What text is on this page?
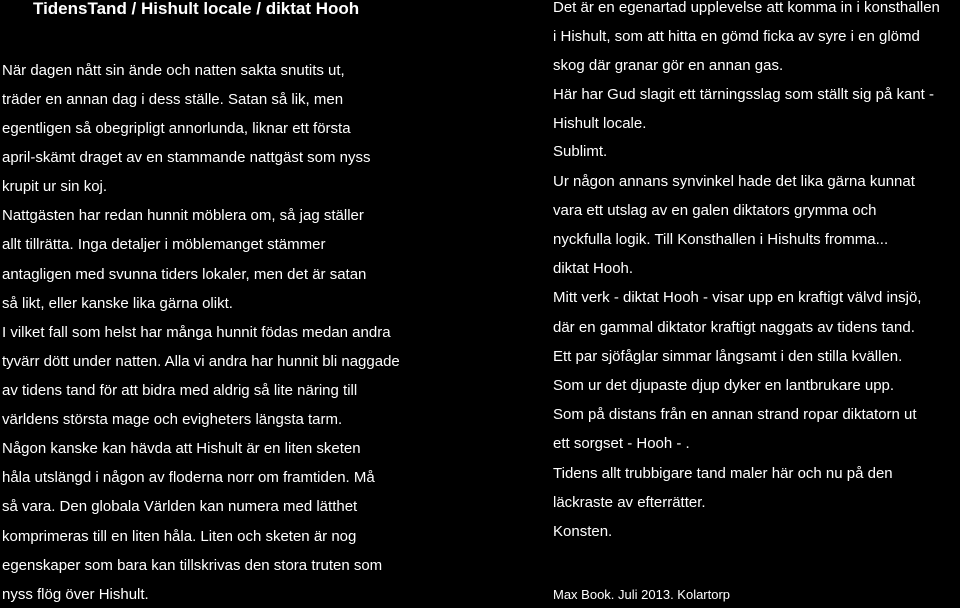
TidensTand / Hishult locale / diktat Hooh
När dagen nått sin ände och natten sakta snutits ut,
träder en annan dag i dess ställe. Satan så lik, men
egentligen så obegripligt annorlunda, liknar ett första
april-skämt draget av en stammande nattgäst som nyss
krupit ur sin koj.
Nattgästen har redan hunnit möblera om, så jag ställer
allt tillrätta. Inga detaljer i möblemanget stämmer
antagligen med svunna tiders lokaler, men det är satan
så likt, eller kanske lika gärna olikt.
I vilket fall som helst har många hunnit födas medan andra
tyvärr dött under natten. Alla vi andra har hunnit bli naggade
av tidens tand för att bidra med aldrig så lite näring till
världens största mage och evigheters längsta tarm.
Någon kanske kan hävda att Hishult är en liten sketen
håla utslängd i någon av floderna norr om framtiden. Må
så vara. Den globala Världen kan numera med lätthet
komprimeras till en liten håla. Liten och sketen är nog
egenskaper som bara kan tillskrivas den stora truten som
nyss flög över Hishult.
Det är en egenartad upplevelse att komma in i konsthallen
i Hishult, som att hitta en gömd ficka av syre i en glömd
skog där granar gör en annan gas.
Här har Gud slagit ett tärningsslag som ställt sig på kant -
Hishult locale.
Sublimt.
Ur någon annans synvinkel hade det lika gärna kunnat
vara ett utslag av en galen diktators grymma och
nyckfulla logik. Till Konsthallen i Hishults fromma...
diktat Hooh.
Mitt verk - diktat Hooh - visar upp en kraftigt välvd insjö,
där en gammal diktator kraftigt naggats av tidens tand.
Ett par sjöfåglar simmar långsamt i den stilla kvällen.
Som ur det djupaste djup dyker en lantbrukare upp.
Som på distans från en annan strand ropar diktatorn ut
ett sorgset - Hooh - .
Tidens allt trubbigare tand maler här och nu på den
läckraste av efterrätter.
Konsten.
Max Book. Juli 2013. Kolartorp
